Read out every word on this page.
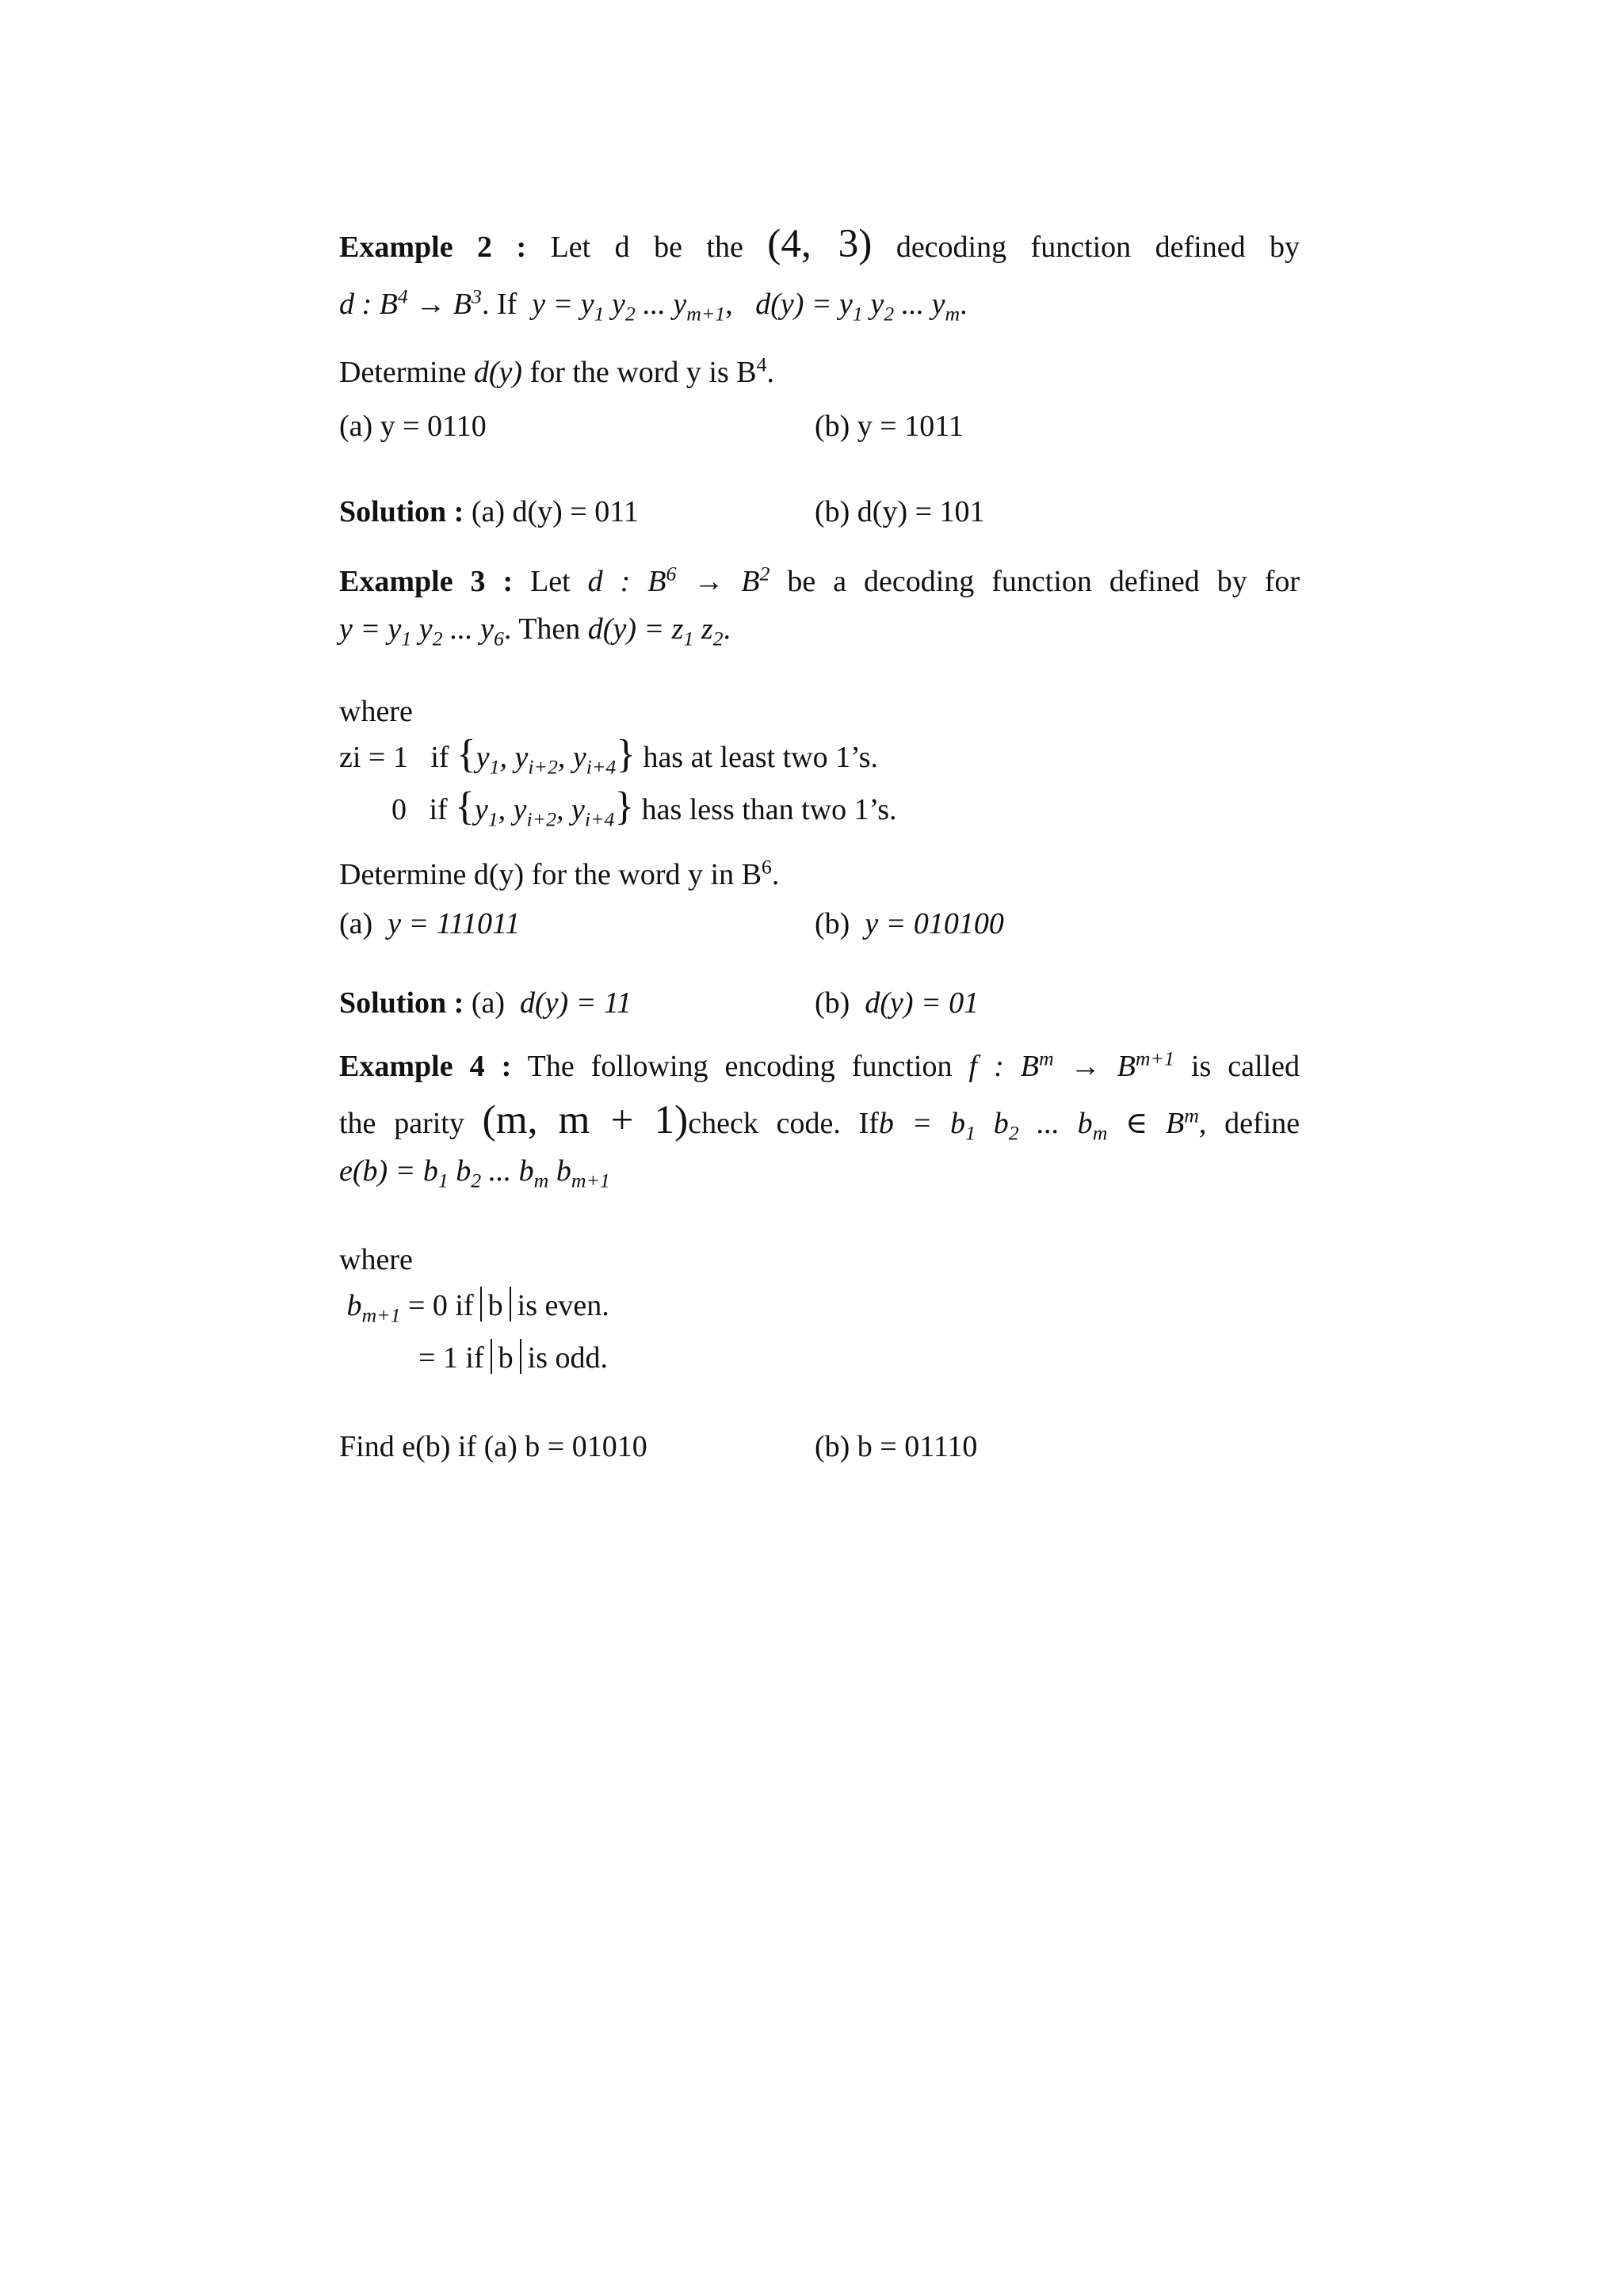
Example 2 : Let d be the (4, 3) decoding function defined by
d : $B^4 \to B^3$. If $y = y_1$ $y_2$ ... $y_{m+1}$, $d(y) = y_1$ $y_2$ ... $y_m$.
Determine d(y) for the word y is $B^4$.
(a) y = 0110	(b) y = 1011
Solution : (a) d(y) = 011	(b) d(y) = 101
Example 3 : Let d : $B^6 \to B^2$ be a decoding function defined by for
$y = y_1$ $y_2$ ... $y_6$. Then $d(y) = z_1$ $z_2$.
where
zi = 1 if {$y_1$, $y_{i+2}$, $y_{i+4}$} has at least two 1’s.
0 if {$y_1$, $y_{i+2}$, $y_{i+4}$} has less than two 1’s.
Determine d(y) for the word y in $B^6$.
(a) y = 111011	(b) y = 010100
Solution : (a) d(y) = 11	(b) d(y) = 01
Example 4 : The following encoding function f : $B^m \to B^{m+1}$ is called
the parity (m, m + 1)check code. Ifb = $b_1$ $b_2$ ... $b_m$ ∈ $B^m$, define
$e(b) = b_1$ $b_2$ ... $b_m$ $b_{m+1}$
where
$b_{m+1} = 0$ if b is even.
= 1 if b is odd.
Find e(b) if (a) b = 01010	(b) b = 01110
